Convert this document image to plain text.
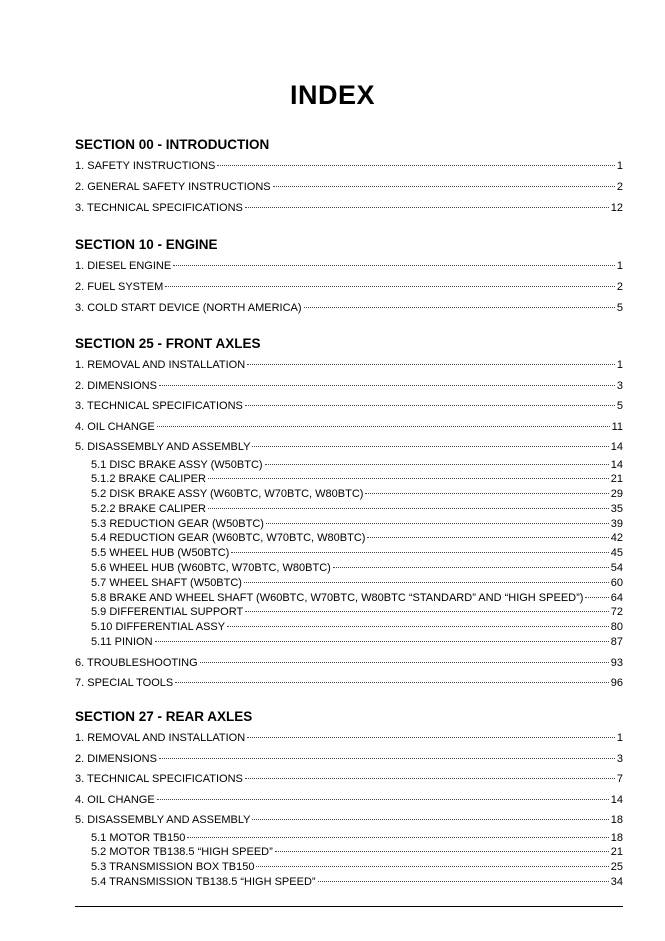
INDEX
SECTION 00 - INTRODUCTION
1. SAFETY INSTRUCTIONS	1
2. GENERAL SAFETY INSTRUCTIONS	2
3. TECHNICAL SPECIFICATIONS	12
SECTION 10 - ENGINE
1. DIESEL ENGINE	1
2. FUEL SYSTEM	2
3. COLD START DEVICE (NORTH AMERICA)	5
SECTION 25 - FRONT AXLES
1. REMOVAL AND INSTALLATION	1
2. DIMENSIONS	3
3. TECHNICAL SPECIFICATIONS	5
4. OIL CHANGE	11
5. DISASSEMBLY AND ASSEMBLY	14
5.1 DISC BRAKE ASSY (W50BTC)	14
5.1.2 BRAKE CALIPER	21
5.2 DISK BRAKE ASSY (W60BTC, W70BTC, W80BTC)	29
5.2.2 BRAKE CALIPER	35
5.3 REDUCTION GEAR (W50BTC)	39
5.4 REDUCTION GEAR (W60BTC, W70BTC, W80BTC)	42
5.5 WHEEL HUB (W50BTC)	45
5.6 WHEEL HUB (W60BTC, W70BTC, W80BTC)	54
5.7 WHEEL SHAFT (W50BTC)	60
5.8 BRAKE AND WHEEL SHAFT (W60BTC, W70BTC, W80BTC “STANDARD” AND “HIGH SPEED”) 64
5.9 DIFFERENTIAL SUPPORT	72
5.10 DIFFERENTIAL ASSY	80
5.11 PINION	87
6. TROUBLESHOOTING	93
7. SPECIAL TOOLS	96
SECTION 27 - REAR AXLES
1. REMOVAL AND INSTALLATION	1
2. DIMENSIONS	3
3. TECHNICAL SPECIFICATIONS	7
4. OIL CHANGE	14
5. DISASSEMBLY AND ASSEMBLY	18
5.1 MOTOR TB150	18
5.2 MOTOR TB138.5 “HIGH SPEED”	21
5.3 TRANSMISSION BOX TB150	25
5.4 TRANSMISSION TB138.5 “HIGH SPEED”	34
